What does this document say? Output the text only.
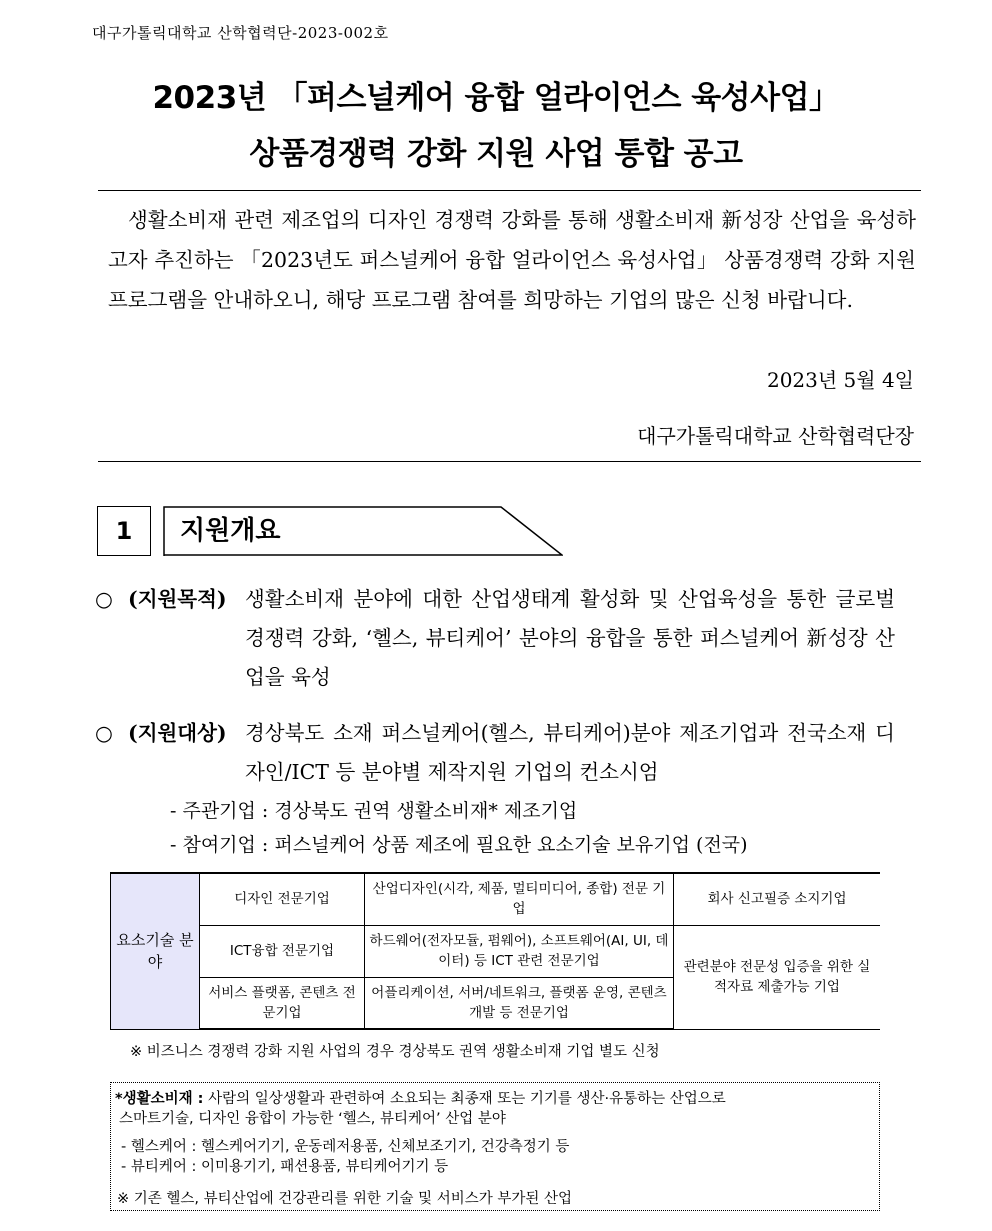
대구가톨릭대학교 산학협력단-2023-002호
2023년 「퍼스널케어 융합 얼라이언스 육성사업」
상품경쟁력 강화 지원 사업 통합 공고
생활소비재 관련 제조업의 디자인 경쟁력 강화를 통해 생활소비재 新성장 산업을 육성하고자 추진하는 「2023년도 퍼스널케어 융합 얼라이언스 육성사업」 상품경쟁력 강화 지원 프로그램을 안내하오니, 해당 프로그램 참여를 희망하는 기업의 많은 신청 바랍니다.
2023년 5월 4일
대구가톨릭대학교 산학협력단장
1	지원개요
○ (지원목적) 생활소비재 분야에 대한 산업생태계 활성화 및 산업육성을 통한 글로벌 경쟁력 강화, ‘헬스, 뷰티케어’ 분야의 융합을 통한 퍼스널케어 新성장 산업을 육성
○ (지원대상) 경상북도 소재 퍼스널케어(헬스, 뷰티케어)분야 제조기업과 전국소재 디자인/ICT 등 분야별 제작지원 기업의 컨소시엄
- 주관기업 : 경상북도 권역 생활소비재* 제조기업
- 참여기업 : 퍼스널케어 상품 제조에 필요한 요소기술 보유기업 (전국)
요소기술 분야	디자인 전문기업	산업디자인(시각, 제품, 멀티미디어, 종합) 전문 기업	회사 신고필증 소지기업
	ICT융합 전문기업	하드웨어(전자모듈, 펌웨어), 소프트웨어(AI, UI, 데이터) 등 ICT 관련 전문기업	관련분야 전문성 입증을 위한 실적자료 제출가능 기업
	서비스 플랫폼, 콘텐츠 전문기업	어플리케이션, 서버/네트워크, 플랫폼 운영, 콘텐츠 개발 등 전문기업	
※ 비즈니스 경쟁력 강화 지원 사업의 경우 경상북도 권역 생활소비재 기업 별도 신청
*생활소비재 : 사람의 일상생활과 관련하여 소요되는 최종재 또는 기기를 생산·유통하는 산업으로
스마트기술, 디자인 융합이 가능한 ‘헬스, 뷰티케어’ 산업 분야
- 헬스케어 : 헬스케어기기, 운동레저용품, 신체보조기기, 건강측정기 등
- 뷰티케어 : 이미용기기, 패션용품, 뷰티케어기기 등
※ 기존 헬스, 뷰티산업에 건강관리를 위한 기술 및 서비스가 부가된 산업
